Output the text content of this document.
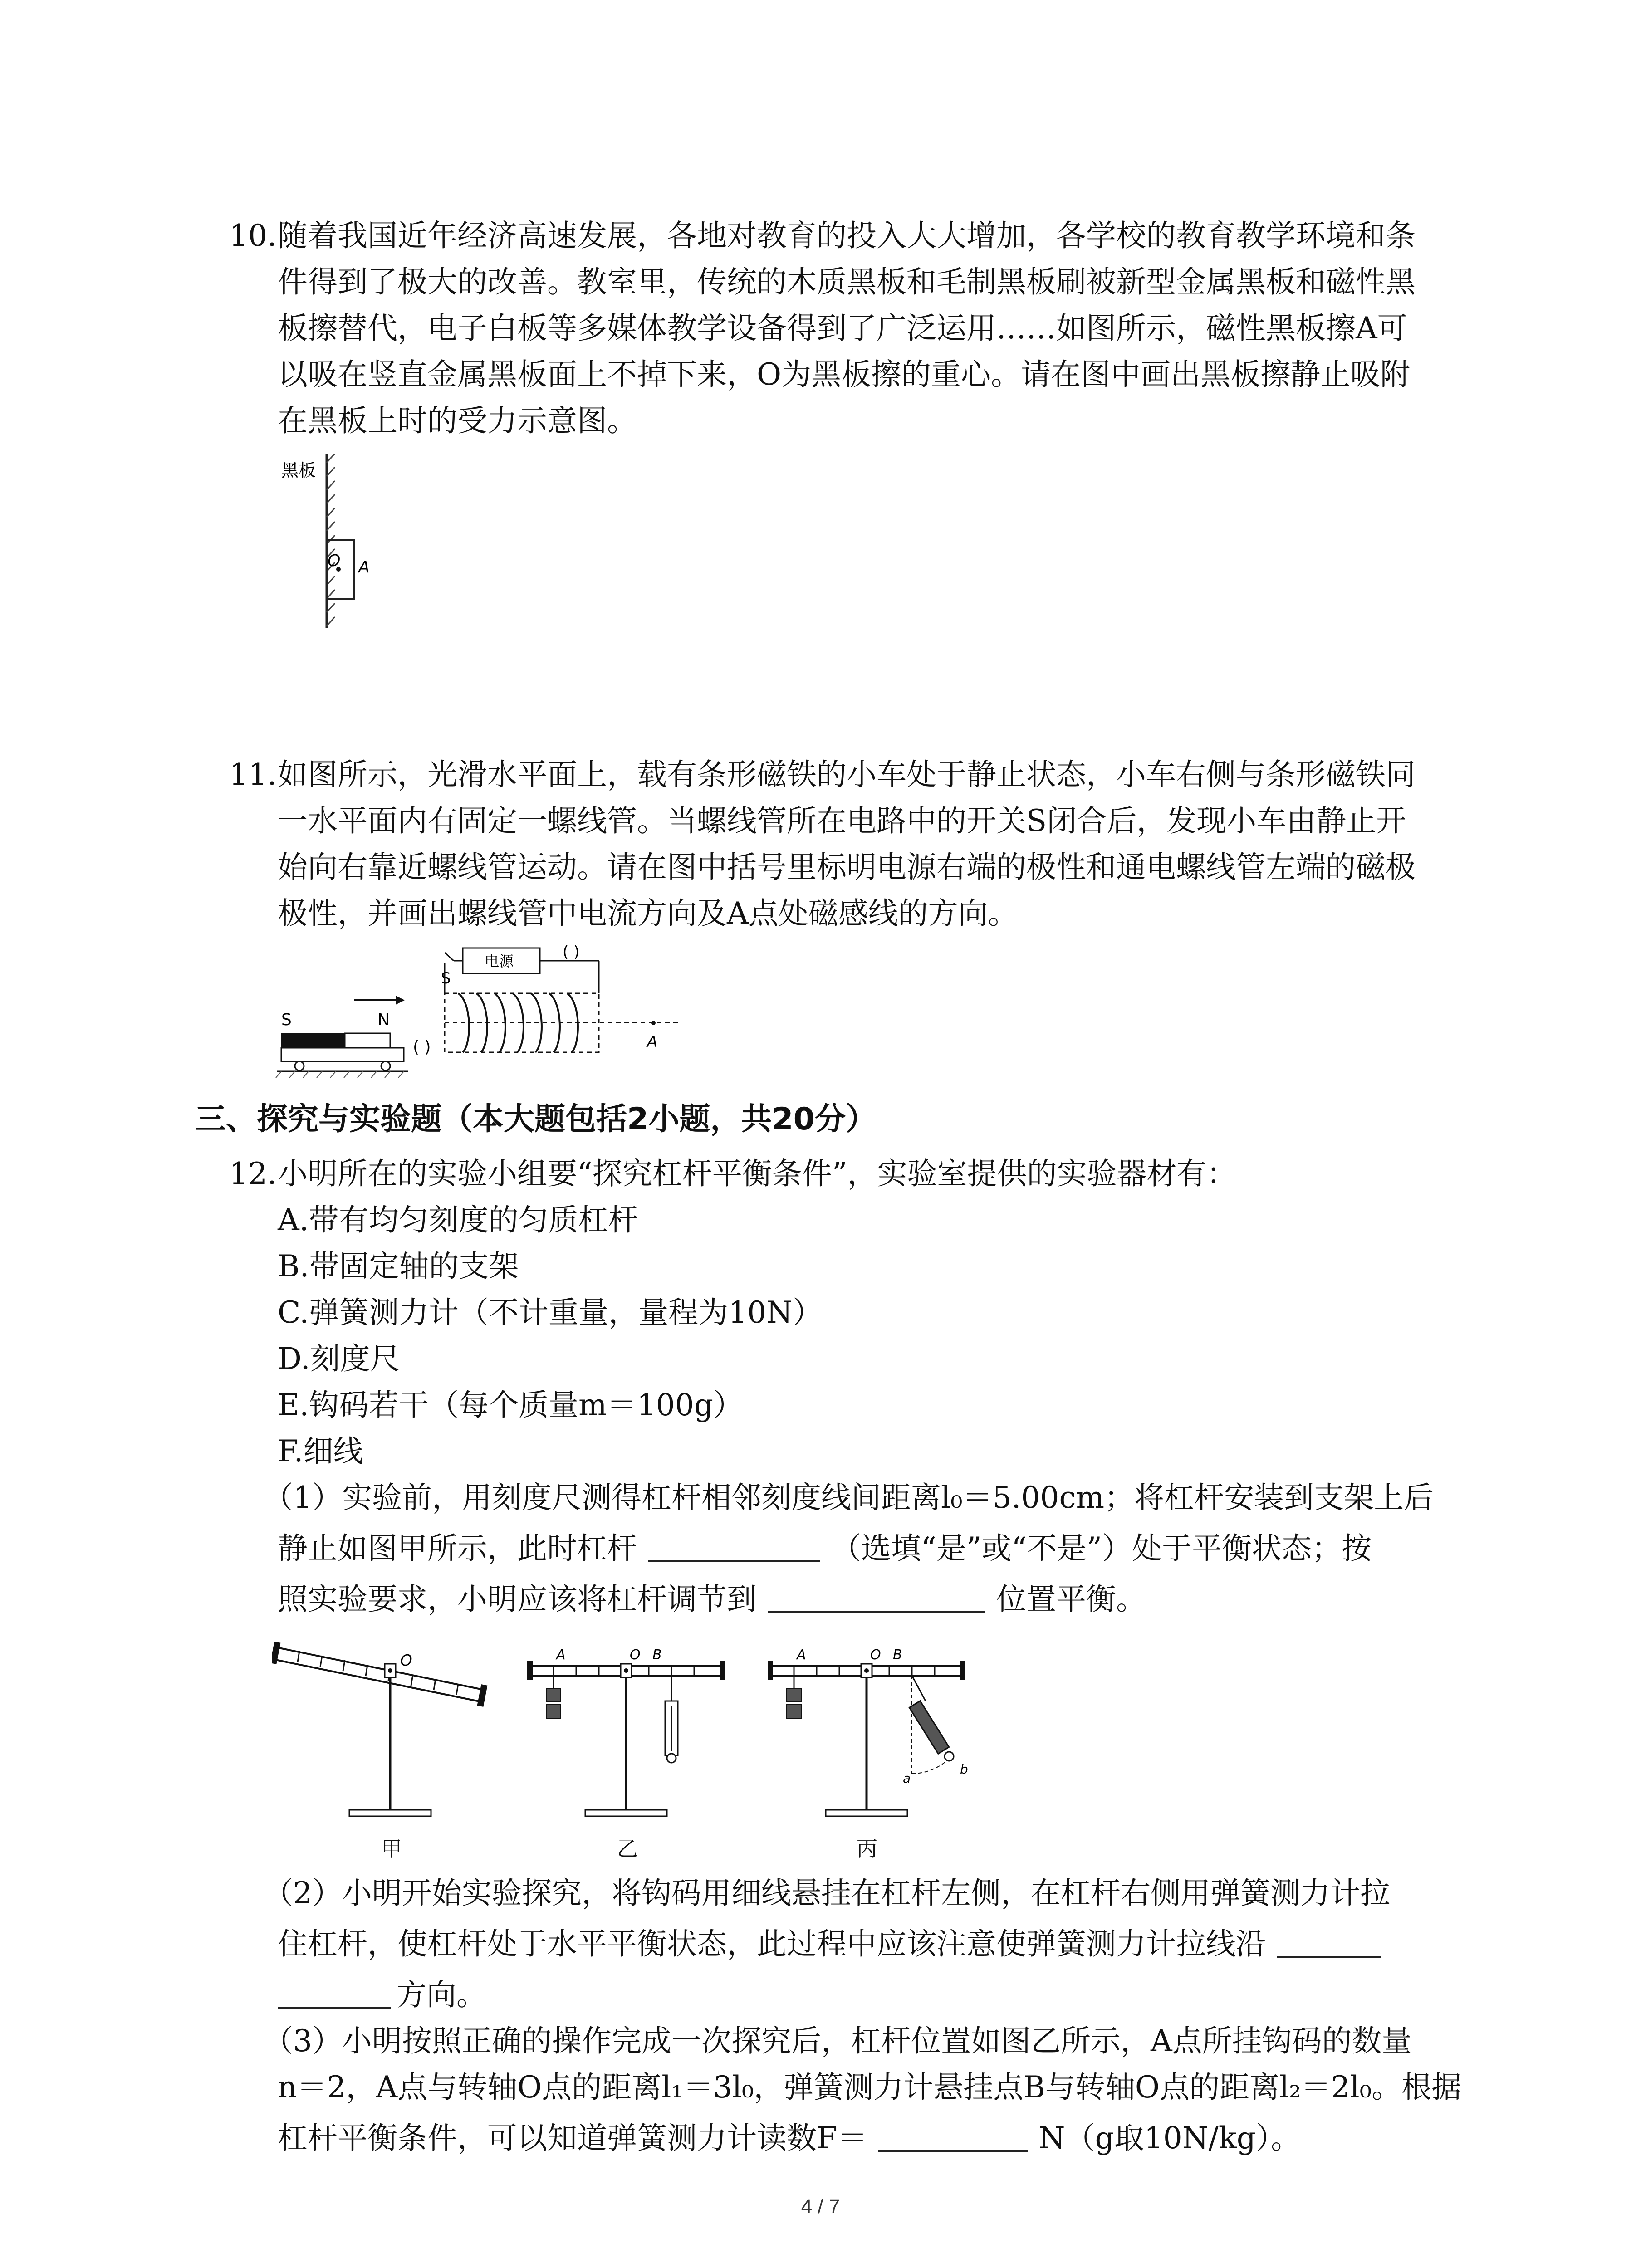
10. 随着我国近年经济高速发展，各地对教育的投入大大增加，各学校的教育教学环境和条
件得到了极大的改善。教室里，传统的木质黑板和毛制黑板刷被新型金属黑板和磁性黑
板擦替代，电子白板等多媒体教学设备得到了广泛运用……如图所示，磁性黑板擦A可
以吸在竖直金属黑板面上不掉下来，O为黑板擦的重心。请在图中画出黑板擦静止吸附
在黑板上时的受力示意图。
黑板
O A
11. 如图所示，光滑水平面上，载有条形磁铁的小车处于静止状态，小车右侧与条形磁铁同
一水平面内有固定一螺线管。当螺线管所在电路中的开关S闭合后，发现小车由静止开
始向右靠近螺线管运动。请在图中括号里标明电源右端的极性和通电螺线管左端的磁极
极性，并画出螺线管中电流方向及A点处磁感线的方向。
S	N
( )
电源	( )
S
A
三、探究与实验题（本大题包括2小题，共20分）
12. 小明所在的实验小组要“探究杠杆平衡条件”，实验室提供的实验器材有：
A.带有均匀刻度的匀质杠杆
B.带固定轴的支架
C.弹簧测力计（不计重量，量程为10N）
D.刻度尺
E.钩码若干（每个质量m＝100g）
F.细线
（1）实验前，用刻度尺测得杠杆相邻刻度线间距离l₀＝5.00cm；将杠杆安装到支架上后
静止如图甲所示，此时杠杆	（选填“是”或“不是”）处于平衡状态；按
照实验要求，小明应该将杠杆调节到	位置平衡。
O	A	O B	A	O B
a
b
甲	乙	丙
（2）小明开始实验探究，将钩码用细线悬挂在杠杆左侧，在杠杆右侧用弹簧测力计拉
住杠杆，使杠杆处于水平平衡状态，此过程中应该注意使弹簧测力计拉线沿
方向。
（3）小明按照正确的操作完成一次探究后，杠杆位置如图乙所示，A点所挂钩码的数量
n＝2，A点与转轴O点的距离l₁＝3l₀，弹簧测力计悬挂点B与转轴O点的距离l₂＝2l₀。根据
杠杆平衡条件，可以知道弹簧测力计读数F＝	N（g取10N/kg）。
4 / 7
